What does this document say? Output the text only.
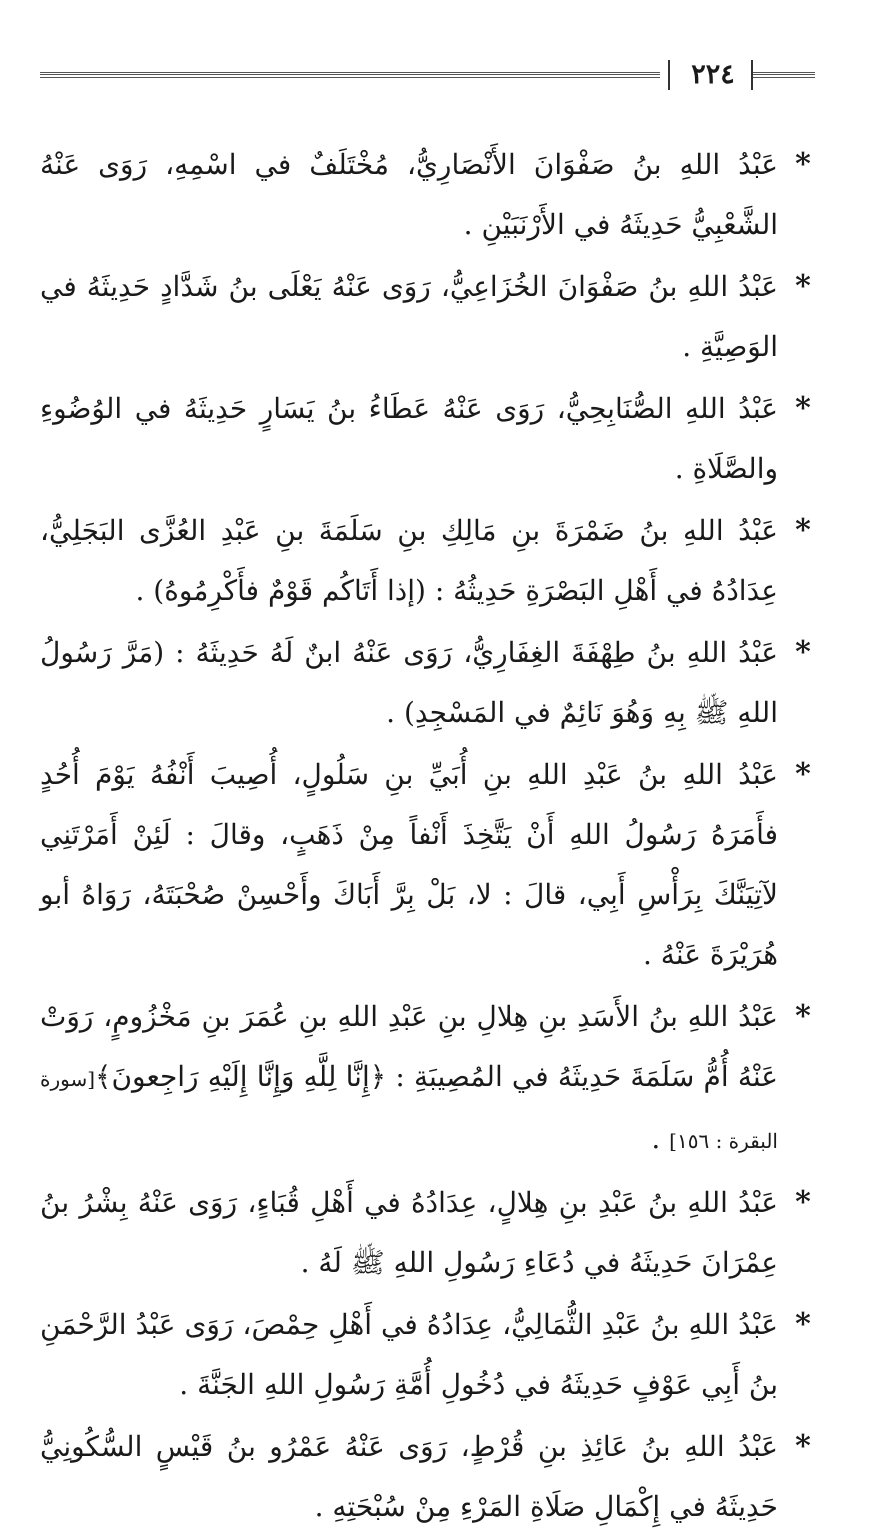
٢٢٤
*
عَبْدُ اللهِ بنُ صَفْوَانَ الأَنْصَارِيُّ، مُخْتَلَفٌ في اسْمِهِ، رَوَى عَنْهُ الشَّعْبِيُّ حَدِيثَهُ في الأَرْنَبَيْنِ .
*
عَبْدُ اللهِ بنُ صَفْوَانَ الخُزَاعِيُّ، رَوَى عَنْهُ يَعْلَى بنُ شَدَّادٍ حَدِيثَهُ في الوَصِيَّةِ .
*
عَبْدُ اللهِ الصُّنَابِحِيُّ، رَوَى عَنْهُ عَطَاءُ بنُ يَسَارٍ حَدِيثَهُ في الوُضُوءِ والصَّلَاةِ .
*
عَبْدُ اللهِ بنُ ضَمْرَةَ بنِ مَالِكِ بنِ سَلَمَةَ بنِ عَبْدِ العُزَّى البَجَلِيُّ، عِدَادُهُ في أَهْلِ البَصْرَةِ حَدِيثُهُ : (إذا أَتَاكُم قَوْمٌ فأَكْرِمُوهُ) .
*
عَبْدُ اللهِ بنُ طِهْفَةَ الغِفَارِيُّ، رَوَى عَنْهُ ابنٌ لَهُ حَدِيثَهُ : (مَرَّ رَسُولُ اللهِ ﷺ بِهِ وَهُوَ نَائِمٌ في المَسْجِدِ) .
*
عَبْدُ اللهِ بنُ عَبْدِ اللهِ بنِ أُبَيِّ بنِ سَلُولٍ، أُصِيبَ أَنْفُهُ يَوْمَ أُحُدٍ فأَمَرَهُ رَسُولُ اللهِ أَنْ يَتَّخِذَ أَنْفاً مِنْ ذَهَبٍ، وقالَ : لَئِنْ أَمَرْتَنِي لآتِيَنَّكَ بِرَأْسِ أَبِي، قالَ : لا، بَلْ بِرَّ أَبَاكَ وأَحْسِنْ صُحْبَتَهُ، رَوَاهُ أبو هُرَيْرَةَ عَنْهُ .
*
عَبْدُ اللهِ بنُ الأَسَدِ بنِ هِلالِ بنِ عَبْدِ اللهِ بنِ عُمَرَ بنِ مَخْزُومٍ، رَوَتْ عَنْهُ أُمُّ سَلَمَةَ حَدِيثَهُ في المُصِيبَةِ : ﴿إِنَّا لِلَّهِ وَإِنَّا إِلَيْهِ رَاجِعونَ﴾[سورة البقرة : ١٥٦] .
*
عَبْدُ اللهِ بنُ عَبْدِ بنِ هِلالٍ، عِدَادُهُ في أَهْلِ قُبَاءٍ، رَوَى عَنْهُ بِشْرُ بنُ عِمْرَانَ حَدِيثَهُ في دُعَاءِ رَسُولِ اللهِ ﷺ لَهُ .
*
عَبْدُ اللهِ بنُ عَبْدِ الثُّمَالِيُّ، عِدَادُهُ في أَهْلِ حِمْصَ، رَوَى عَبْدُ الرَّحْمَنِ بنُ أَبِي عَوْفٍ حَدِيثَهُ في دُخُولِ أُمَّةِ رَسُولِ اللهِ الجَنَّةَ .
*
عَبْدُ اللهِ بنُ عَائِذِ بنِ قُرْطٍ، رَوَى عَنْهُ عَمْرُو بنُ قَيْسٍ السُّكُونِيُّ حَدِيثَهُ في إِكْمَالِ صَلَاةِ المَرْءِ مِنْ سُبْحَتِهِ .
